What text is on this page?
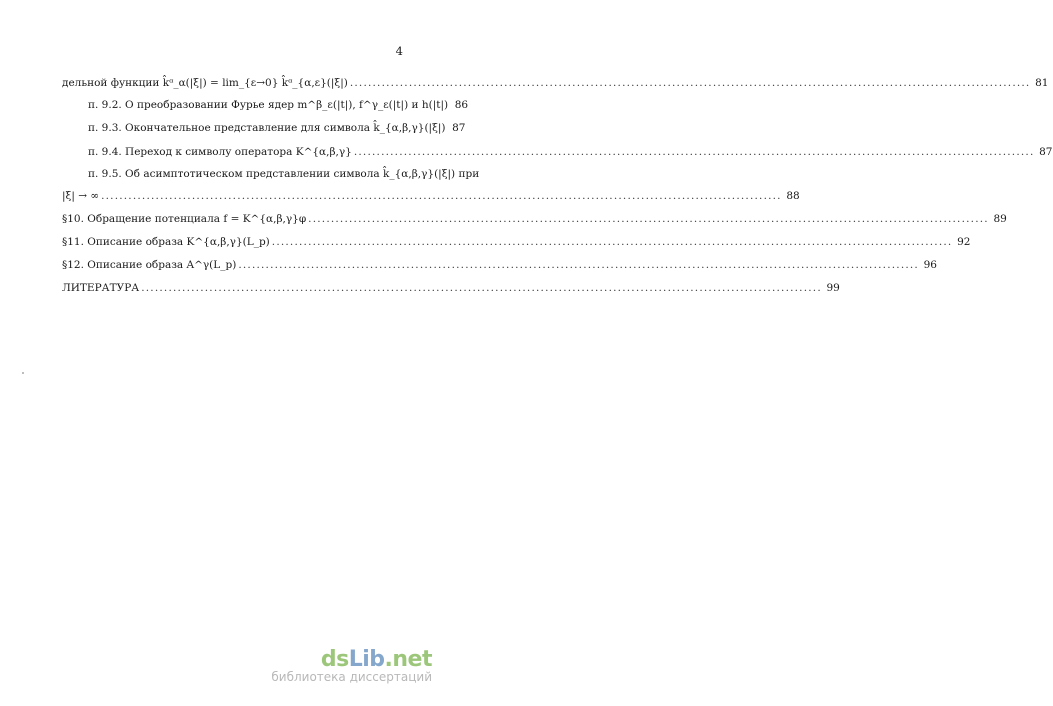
4
дельной функции k̂ᵅ_α(|ξ|) = lim_{ε→0} k̂ᵅ_{α,ε}(|ξ|) .....	81
п. 9.2. О преобразовании Фурье ядер m^β_ε(|t|), f^γ_ε(|t|) и h(|t|) 86
п. 9.3. Окончательное представление для символа k̂_{α,β,γ}(|ξ|) 87
п. 9.4. Переход к символу оператора K^{α,β,γ} .....	87
п. 9.5. Об асимптотическом представлении символа k̂_{α,β,γ}(|ξ|) при
|ξ| → ∞ .....	88
§10. Обращение потенциала f = K^{α,β,γ}φ .....	89
§11. Описание образа K^{α,β,γ}(L_p) .....	92
§12. Описание образа A^γ(L_p) .....	96
ЛИТЕРАТУРА .....	99
dsLib.net
библиотека диссертаций
